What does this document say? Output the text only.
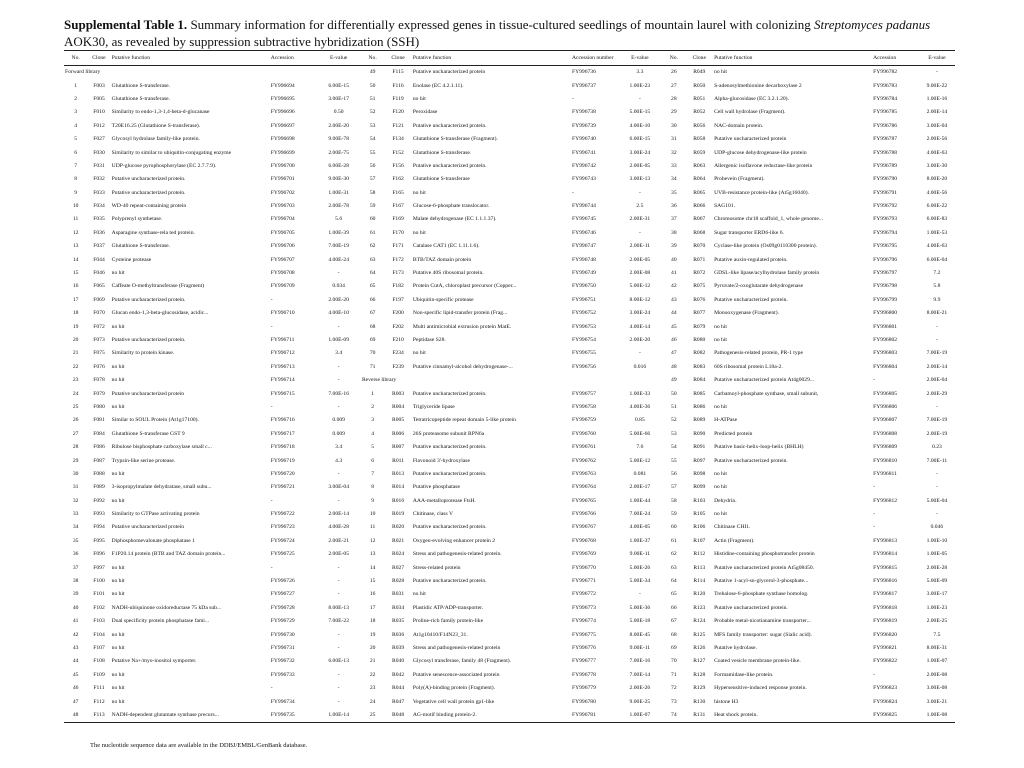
Supplemental Table 1. Summary information for differentially expressed genes in tissue-cultured seedlings of mountain laurel with colonizing Streptomyces padanus AOK30, as revealed by suppression subtractive hybridization (SSH)
No.	Clone	Putative function	Accession	E-value	No.	Clone	Putative function	Accession number	E-value	No.	Clone	Putative function	Accession	E-value
Forward library					49	F115	Putative uncharacterized protein	FY996736	3.3	26	R049	no hit	FY996782	-
1	F003	Glutathione S-transferase.	FY996694	6.00E-15	50	F116	Enolase (EC 4.2.1.11).	FY996737	1.00E-23	27	R050	S-adenosylmethionine decarboxylase 2	FY996783	9.00E-22
2	F005	Glutathione S-transferase.	FY996695	3.00E-17	51	F119	no hit	-	-	28	R051	Alpha-glucosidase (EC 3.2.1.20).	FY996784	1.00E-16
3	F010	Similarity to endo-1,3-1,4-beta-d-glucanase	FY996696	0.50	52	F120	Peroxidase	FY996738	5.00E-15	29	R052	Cell wall hydrolase (Fragment).	FY996785	2.00E-14
4	F012	T20E16.25 (Glutathione S-transferase).	FY996697	2.00E-20	53	F121	Putative uncharacterized protein.	FY996739	4.00E-10	30	R056	NAC-domain protein.	FY996786	3.00E-04
5	F027	Glycosyl hydrolase family-like protein.	FY996698	9.00E-78	54	F134	Glutathione S-transferase (Fragment).	FY996740	6.00E-15	31	R058	Putative uncharacterized protein	FY996787	2.00E-56
6	F030	Similarity to similar to ubiquitin-conjugating enzyme	FY996699	2.00E-75	55	F152	Glutathione S-transferase.	FY996741	3.00E-24	32	R059	UDP-glucose dehydrogenase-like protein	FY996788	4.00E-63
7	F031	UDP-glucose pyrophosphorylase (EC 2.7.7.9).	FY996700	6.00E-28	56	F156	Putative uncharacterized protein.	FY996742	2.00E-05	33	R063	Allergenic isoflavone reductase-like protein	FY996789	3.00E-30
8	F032	Putative uncharacterized protein.	FY996701	9.00E-30	57	F162	Glutathione S-transferase	FY996743	3.00E-13	34	R064	Prohevein (Fragment).	FY996790	8.00E-20
9	F033	Putative uncharacterized protein.	FY996702	1.00E-31	58	F165	no hit	-	-	35	R065	UVB-resistance protein-like (At5g16040).	FY996791	4.00E-56
10	F034	WD-40 repeat-containing protein	FY996703	2.00E-78	59	F167	Glucose-6-phosphate translocator.	FY996744	2.5	36	R066	SAG101.	FY996792	6.00E-22
11	F035	Polyprenyl synthetase.	FY996704	5.6	60	F169	Malate dehydrogenase (EC 1.1.1.37).	FY996745	2.00E-31	37	R067	Chromosome chr18 scaffold_1, whole genome...	FY996793	6.00E-83
12	F036	Asparagine synthase-rela ted protein.	FY996705	1.00E-39	61	F170	no hit	FY996746	-	38	R068	Sugar transporter ERD6-like 6.	FY996794	1.00E-53
13	F037	Glutathione S-transferase.	FY996706	7.00E-19	62	F171	Catalase CAT1 (EC 1.11.1.6).	FY996747	2.00E-11	39	R070	Cyclase-like protein (Os09g0110300 protein).	FY996795	4.00E-63
14	F044	Cysteine protease	FY996707	4.00E-24	63	F172	BTB/TAZ domain protein	FY996748	2.00E-05	40	R071	Putative auxin-regulated protein.	FY996796	6.00E-04
15	F046	no hit	FY996708	-	64	F173	Putative 40S ribosomal protein.	FY996749	2.00E-08	41	R072	GDSL-like lipase/acylhydrolase family protein	FY996797	7.2
16	F065	Caffeate O-methyltransferase (Fragment)	FY996709	0.034	65	F182	Protein CutA, chloroplast precursor (Copper...	FY996750	5.00E-12	42	R075	Pyruvate/2-oxoglutarate dehydrogenase	FY996798	5.8
17	F069	Putative uncharacterized protein.	-	2.00E-20	66	F197	Ubiquitin-specific protease	FY996751	8.00E-12	43	R076	Putative uncharacterized protein.	FY996799	9.9
18	F070	Glucan endo-1,3-beta-glucosidase, acidic...	FY996710	4.00E-10	67	F200	Non-specific lipid-transfer protein (Frag...	FY996752	3.00E-24	44	R077	Monooxygenase (Fragment).	FY996800	8.00E-21
19	F072	no hit	-	-	68	F202	Multi antimicrobial extrusion protein MatE.	FY996753	4.00E-14	45	R079	no hit	FY996801	-
20	F073	Putative uncharacterized protein.	FY996711	1.00E-09	69	F210	Peptidase S28.	FY996754	2.00E-20	46	R080	no hit	FY996802	-
21	F075	Similarity to protein kinase.	FY996712	3.4	70	F234	no hit	FY996755	-	47	R082	Pathogenesis-related protein, PR-1 type	FY996803	7.00E-19
22	F076	no hit	FY996713	-	71	F239	Putative cinnamyl-alcohol dehydrogenase-...	FY996756	0.016	48	R083	60S ribosomal protein L18a-2.	FY996804	2.00E-14
23	F078	no hit	FY996714	-	Reverse library					49	R084	Putative uncharacterized protein At4g0029...	-	2.00E-04
24	F079	Putative uncharacterized protein	FY996715	7.00E-16	1	R003	Putative uncharacterized protein.	FY996757	1.00E-33	50	R085	Carbamoyl-phosphate synthase, small subunit,	FY996805	2.00E-29
25	F080	no hit	-	-	2	R004	Triglyceride lipase	FY996758	4.00E-36	51	R086	no hit	FY996806	-
26	F081	Similar to SOUL Protein (At1g17100).	FY996716	0.009	3	R005	Tetratricopeptide repeat domain 5-like protein	FY996759	0.85	52	R089	H-ATPase	FY996807	7.00E-19
27	F084	Glutathione S-transferase GST 9	FY996717	0.009	4	R006	26S proteasome subunit RPN6a	FY996760	5.00E-66	53	R090	Predicted protein	FY996808	2.00E-19
28	F086	Ribulose bisphosphate carboxylase small c...	FY996718	3.4	5	R007	Putative uncharacterized protein.	FY996761	7.6	54	R091	Putative basic-helix-loop-helix (BHLH)	FY996809	0.23
29	F087	Trypsin-like serine protease.	FY996719	4.3	6	R011	Flavonoid 3'-hydroxylase	FY996762	5.00E-12	55	R097	Putative uncharacterized protein.	FY996810	7.00E-11
30	F088	no hit	FY996720	-	7	R013	Putative uncharacterized protein.	FY996763	0.081	56	R098	no hit	FY996811	-
31	F089	3-isopropylmalate dehydratase, small subu...	FY996721	3.00E-04	8	R014	Putative phosphatase	FY996764	2.00E-17	57	R099	no hit	-	-
32	F092	no hit	-	-	9	R016	AAA-metalloprotease FtsH.	FY996765	1.00E-44	58	R103	Dehydrin.	FY996812	5.00E-04
33	F093	Similarity to GTPase activating protein	FY996722	2.00E-14	10	R019	Chitinase, class V	FY996766	7.00E-24	59	R105	no hit	-	-
34	F094	Putative uncharacterized protein	FY996723	4.00E-28	11	R020	Putative uncharacterized protein.	FY996767	4.00E-05	60	R106	Chitinase CHI1.	-	0.046
35	F095	Diphosphomevalonate phosphatase 1	FY996724	2.00E-21	12	R021	Oxygen-evolving enhancer protein 2	FY996768	1.00E-37	61	R107	Actin (Fragment).	FY996813	1.00E-10
36	F096	F1P20.14 protein (BTB and TAZ domain protein...	FY996725	2.00E-05	13	R024	Stress and pathogenesis-related protein.	FY996769	9.00E-11	62	R112	Histidine-containing phosphotransfer protein	FY996814	1.00E-05
37	F097	no hit	-	-	14	R027	Stress-related protein	FY996770	5.00E-26	63	R113	Putative uncharacterized protein At5g08450.	FY996815	2.00E-28
38	F100	no hit	FY996726	-	15	R028	Putative uncharacterized protein.	FY996771	5.00E-34	64	R114	Putative 1-acyl-sn-glycerol-3-phosphate...	FY996816	5.00E-09
39	F101	no hit	FY996727	-	16	R031	no hit	FY996772	-	65	R120	Trehalose-6-phosphate synthase homolog.	FY996817	3.00E-17
40	F102	NADH-ubiquinone oxidoreductase 75 kDa sub...	FY996728	8.00E-13	17	R034	Plastidic ATP/ADP-transporter.	FY996773	5.00E-36	66	R123	Putative uncharacterized protein.	FY996818	1.00E-23
41	F103	Dual specificity protein phosphatase fami...	FY996729	7.00E-22	18	R035	Proline-rich family protein-like	FY996774	5.00E-18	67	R124	Probable metal-nicotianamine transporter...	FY996819	2.00E-25
42	F104	no hit	FY996730	-	19	R036	At1g10410/F14N23_31.	FY996775	8.00E-45	68	R125	MFS family transporter: sugar (Sialic acid).	FY996820	7.5
43	F107	no hit	FY996731	-	20	R039	Stress and pathogenesis-related protein	FY996776	9.00E-11	69	R126	Putative hydrolase.	FY996821	8.00E-31
44	F108	Putative Na+/myo-inositol symporter.	FY996732	6.00E-13	21	R040	Glycosyl transferase, family 48 (Fragment).	FY996777	7.00E-16	70	R127	Coated vesicle membrane protein-like.	FY996822	1.00E-07
45	F109	no hit	FY996733	-	22	R042	Putative senescence-associated protein	FY996778	7.00E-14	71	R128	Formamidase-like protein.	-	2.00E-08
46	F111	no hit	-	-	23	R044	Poly(A)-binding protein (Fragment).	FY996779	2.00E-26	72	R129	Hypersensitive-induced response protein.	FY996823	3.00E-08
47	F112	no hit	FY996734	-	24	R047	Vegetative cell wall protein gp1-like	FY996780	9.00E-25	73	R130	histone H3	FY996824	3.00E-21
48	F113	NADH-dependent glutamate synthase precurs...	FY996735	1.00E-14	25	R048	AG-motif binding protein-2.	FY996781	1.00E-07	74	R131	Heat shock protein.	FY996825	1.00E-08
The nucleotide sequence data are available in the DDBJ/EMBL/GenBank database.
